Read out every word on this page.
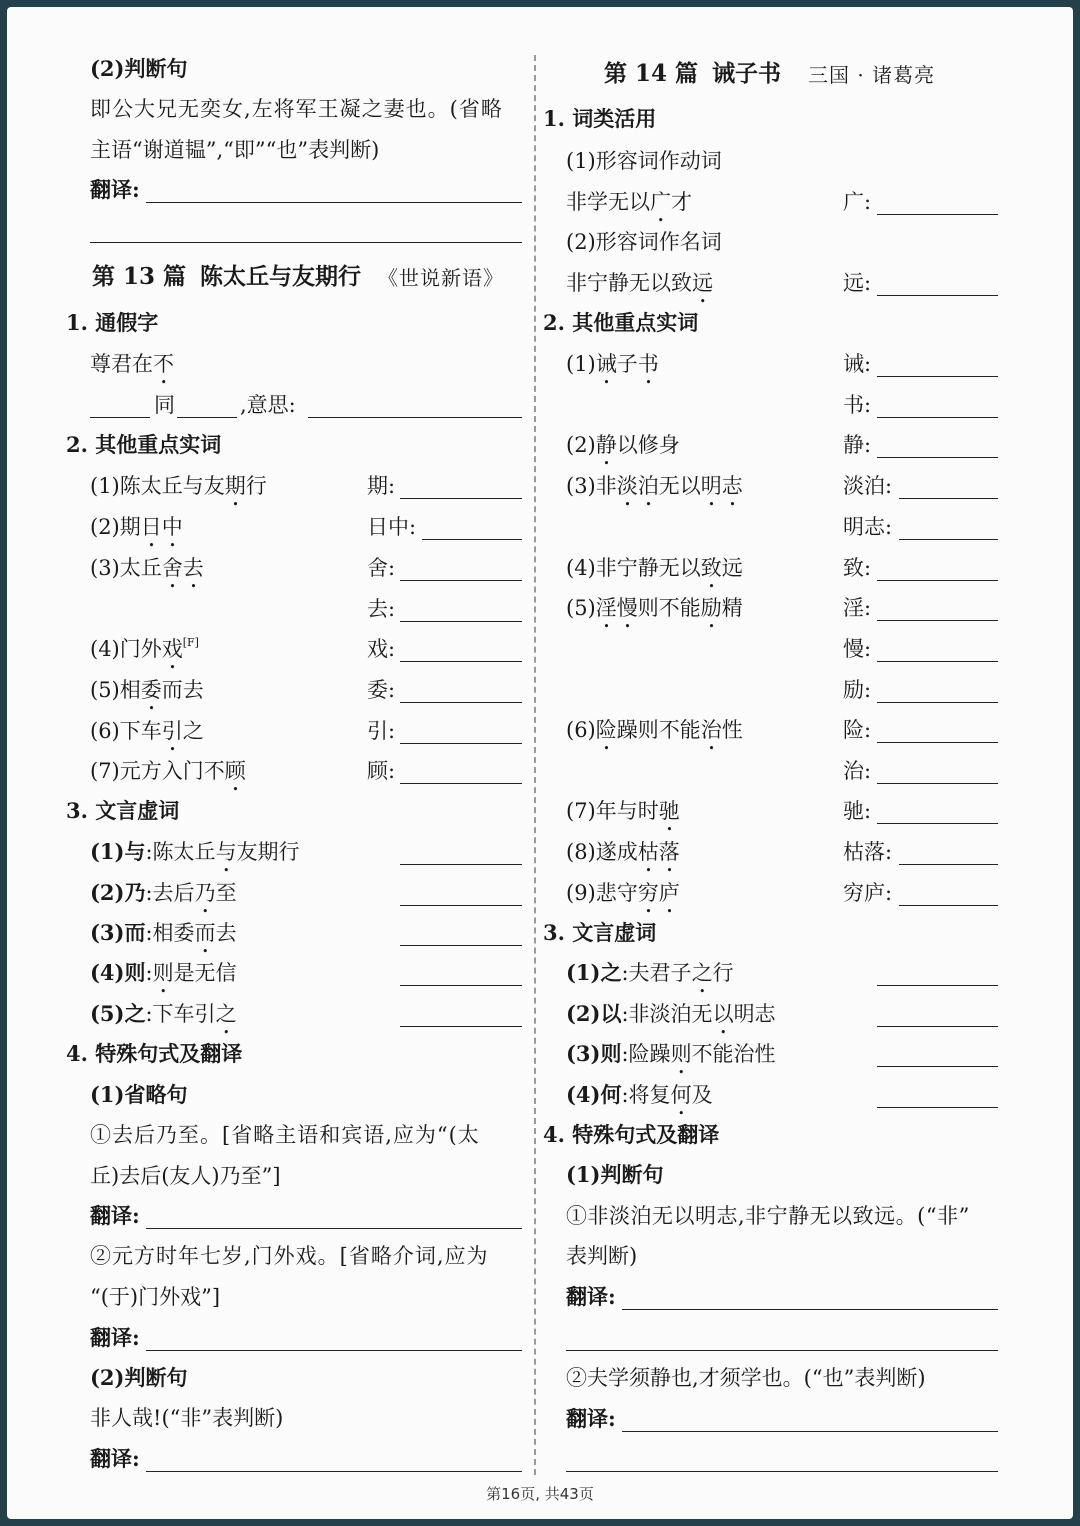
(2)判断句
即公大兄无奕女,左将军王凝之妻也。(省略
主语“谢道韫”,“即”“也”表判断)
翻译:
第 13 篇 陈太丘与友期行 《世说新语》
1. 通假字
尊君在不
同	,意思:
2. 其他重点实词
(1)陈太丘与友期行	期:
(2)期日中	日中:
(3)太丘舍去	舍:
去:
(4)门外戏[F]	戏:
(5)相委而去	委:
(6)下车引之	引:
(7)元方入门不顾	顾:
3. 文言虚词
(1)与:陈太丘与友期行
(2)乃:去后乃至
(3)而:相委而去
(4)则:则是无信
(5)之:下车引之
4. 特殊句式及翻译
(1)省略句
①去后乃至。[省略主语和宾语,应为“(太
丘)去后(友人)乃至”]
翻译:
②元方时年七岁,门外戏。[省略介词,应为
“(于)门外戏”]
翻译:
(2)判断句
非人哉!(“非”表判断)
翻译:
第 14 篇 诫子书 三国 · 诸葛亮
1. 词类活用
(1)形容词作动词
非学无以广才	广:
(2)形容词作名词
非宁静无以致远	远:
2. 其他重点实词
(1)诫子书	诫:
书:
(2)静以修身	静:
(3)非淡泊无以明志	淡泊:
明志:
(4)非宁静无以致远	致:
(5)淫慢则不能励精	淫:
慢:
励:
(6)险躁则不能治性	险:
治:
(7)年与时驰	驰:
(8)遂成枯落	枯落:
(9)悲守穷庐	穷庐:
3. 文言虚词
(1)之:夫君子之行
(2)以:非淡泊无以明志
(3)则:险躁则不能治性
(4)何:将复何及
4. 特殊句式及翻译
(1)判断句
①非淡泊无以明志,非宁静无以致远。(“非”
表判断)
翻译:
②夫学须静也,才须学也。(“也”表判断)
翻译:
第16页, 共43页
